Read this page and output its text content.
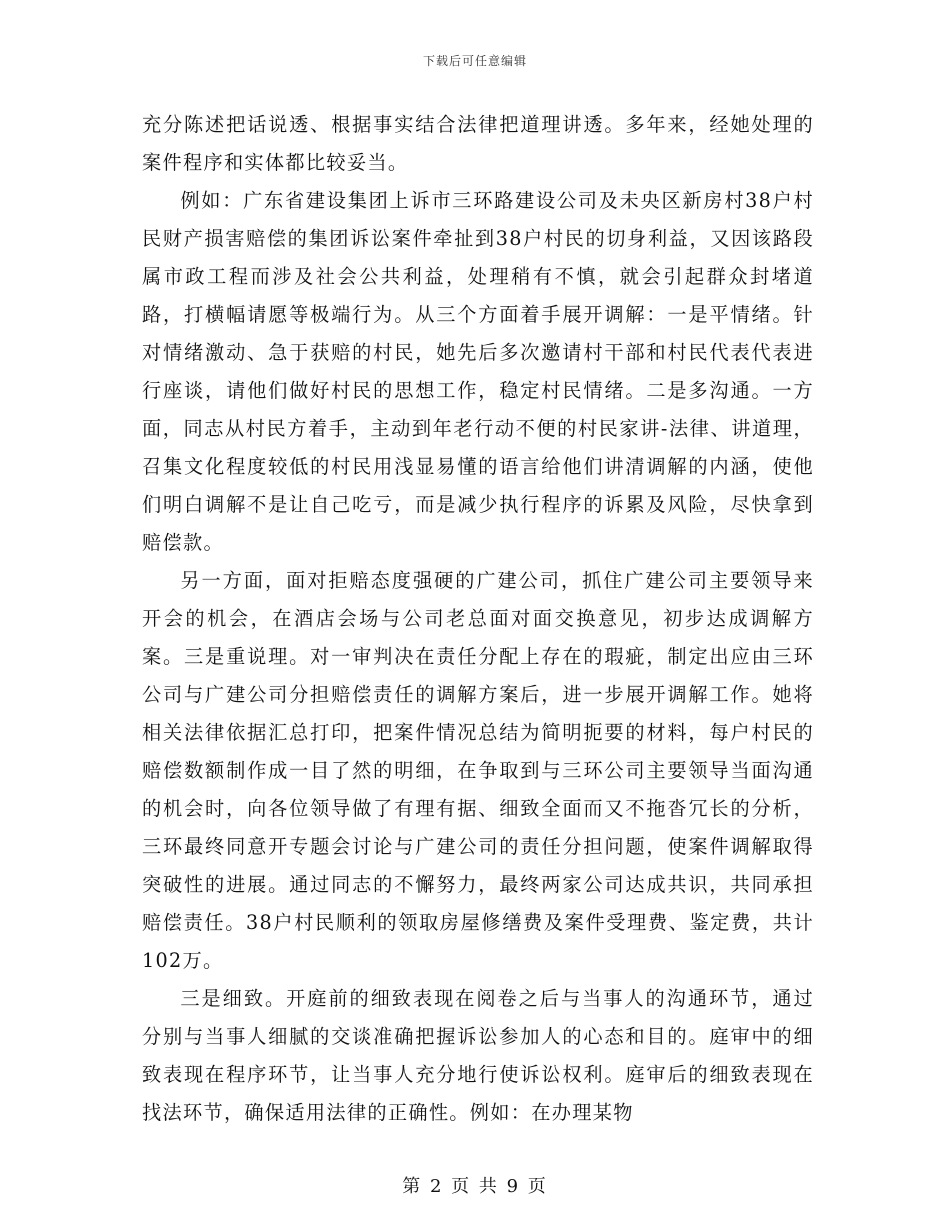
下载后可任意编辑

充分陈述把话说透、根据事实结合法律把道理讲透。多年来，经她处理的案件程序和实体都比较妥当。

例如：广东省建设集团上诉市三环路建设公司及未央区新房村38户村民财产损害赔偿的集团诉讼案件牵扯到38户村民的切身利益，又因该路段属市政工程而涉及社会公共利益，处理稍有不慎，就会引起群众封堵道路，打横幅请愿等极端行为。从三个方面着手展开调解：一是平情绪。针对情绪激动、急于获赔的村民，她先后多次邀请村干部和村民代表代表进行座谈，请他们做好村民的思想工作，稳定村民情绪。二是多沟通。一方面，同志从村民方着手，主动到年老行动不便的村民家讲-法律、讲道理，召集文化程度较低的村民用浅显易懂的语言给他们讲清调解的内涵，使他们明白调解不是让自己吃亏，而是减少执行程序的诉累及风险，尽快拿到赔偿款。

另一方面，面对拒赔态度强硬的广建公司，抓住广建公司主要领导来开会的机会，在酒店会场与公司老总面对面交换意见，初步达成调解方案。三是重说理。对一审判决在责任分配上存在的瑕疵，制定出应由三环公司与广建公司分担赔偿责任的调解方案后，进一步展开调解工作。她将相关法律依据汇总打印，把案件情况总结为简明扼要的材料，每户村民的赔偿数额制作成一目了然的明细，在争取到与三环公司主要领导当面沟通的机会时，向各位领导做了有理有据、细致全面而又不拖沓冗长的分析，三环最终同意开专题会讨论与广建公司的责任分担问题，使案件调解取得突破性的进展。通过同志的不懈努力，最终两家公司达成共识，共同承担赔偿责任。38户村民顺利的领取房屋修缮费及案件受理费、鉴定费，共计102万。

三是细致。开庭前的细致表现在阅卷之后与当事人的沟通环节，通过分别与当事人细腻的交谈准确把握诉讼参加人的心态和目的。庭审中的细致表现在程序环节，让当事人充分地行使诉讼权利。庭审后的细致表现在找法环节，确保适用法律的正确性。例如：在办理某物

第 2 页 共 9 页
